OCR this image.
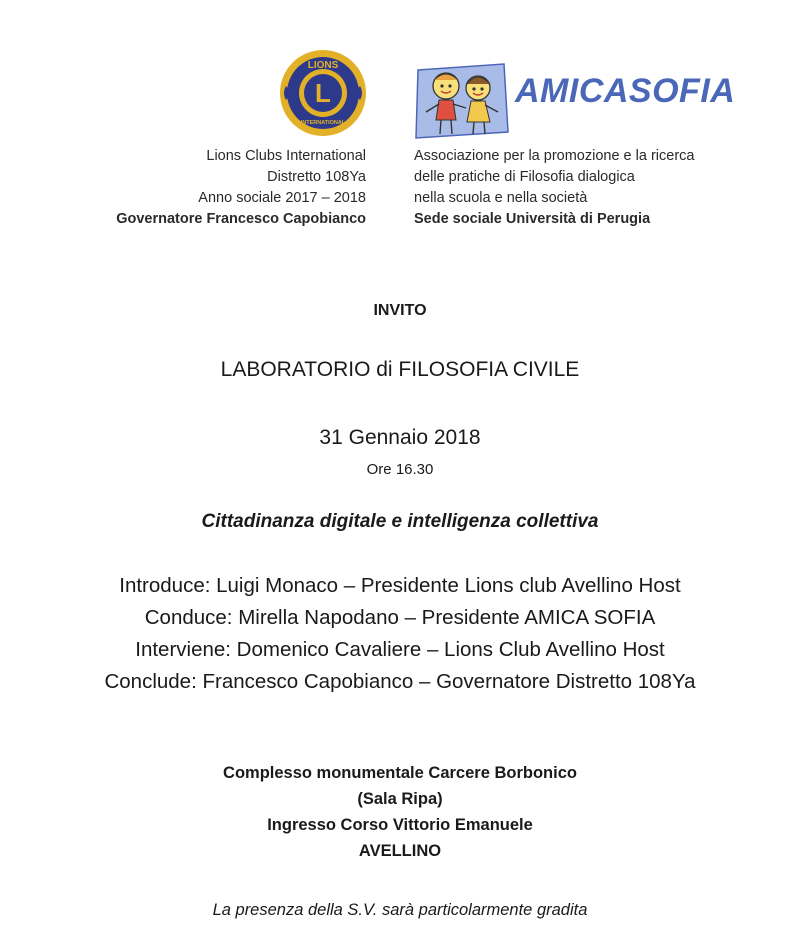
L
LIONS
INTERNATIONAL
Lions Clubs International
Distretto 108Ya
Anno sociale 2017 – 2018
Governatore Francesco Capobianco
AMICASOFIA
Associazione per la promozione e la ricerca
delle pratiche di Filosofia dialogica
nella scuola e nella società
Sede sociale Università di Perugia
INVITO
LABORATORIO di FILOSOFIA CIVILE
31 Gennaio 2018
Ore 16.30
Cittadinanza digitale e intelligenza collettiva
Introduce: Luigi Monaco – Presidente Lions club Avellino Host
Conduce: Mirella Napodano – Presidente AMICA SOFIA
Interviene: Domenico Cavaliere – Lions Club Avellino Host
Conclude: Francesco Capobianco – Governatore Distretto 108Ya
Complesso monumentale Carcere Borbonico
(Sala Ripa)
Ingresso Corso Vittorio Emanuele
AVELLINO
La presenza della S.V. sarà particolarmente gradita
